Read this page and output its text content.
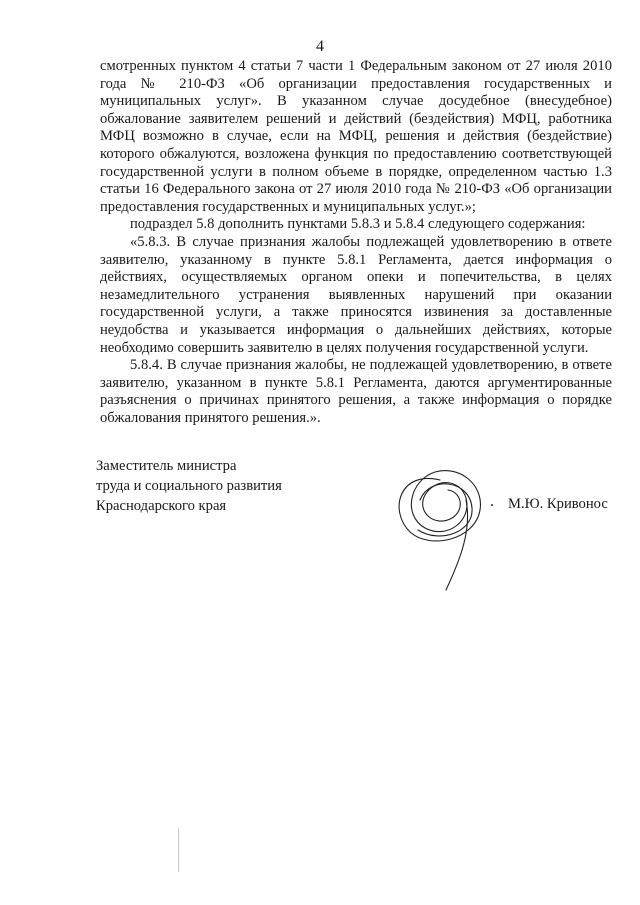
4

смотренных пунктом 4 статьи 7 части 1 Федеральным законом от 27 июля 2010 года № 210-ФЗ «Об организации предоставления государственных и муниципальных услуг». В указанном случае досудебное (внесудебное) обжалование заявителем решений и действий (бездействия) МФЦ, работника МФЦ возможно в случае, если на МФЦ, решения и действия (бездействие) которого обжалуются, возложена функция по предоставлению соответствующей государственной услуги в полном объеме в порядке, определенном частью 1.3 статьи 16 Федерального закона от 27 июля 2010 года № 210-ФЗ «Об организации предоставления государственных и муниципальных услуг.»;

подраздел 5.8 дополнить пунктами 5.8.3 и 5.8.4 следующего содержания:

«5.8.3. В случае признания жалобы подлежащей удовлетворению в ответе заявителю, указанному в пункте 5.8.1 Регламента, дается информация о действиях, осуществляемых органом опеки и попечительства, в целях незамедлительного устранения выявленных нарушений при оказании государственной услуги, а также приносятся извинения за доставленные неудобства и указывается информация о дальнейших действиях, которые необходимо совершить заявителю в целях получения государственной услуги.

5.8.4. В случае признания жалобы, не подлежащей удовлетворению, в ответе заявителю, указанном в пункте 5.8.1 Регламента, даются аргументированные разъяснения о причинах принятого решения, а также информация о порядке обжалования принятого решения.».

Заместитель министра
труда и социального развития
Краснодарского края	М.Ю. Кривонос
